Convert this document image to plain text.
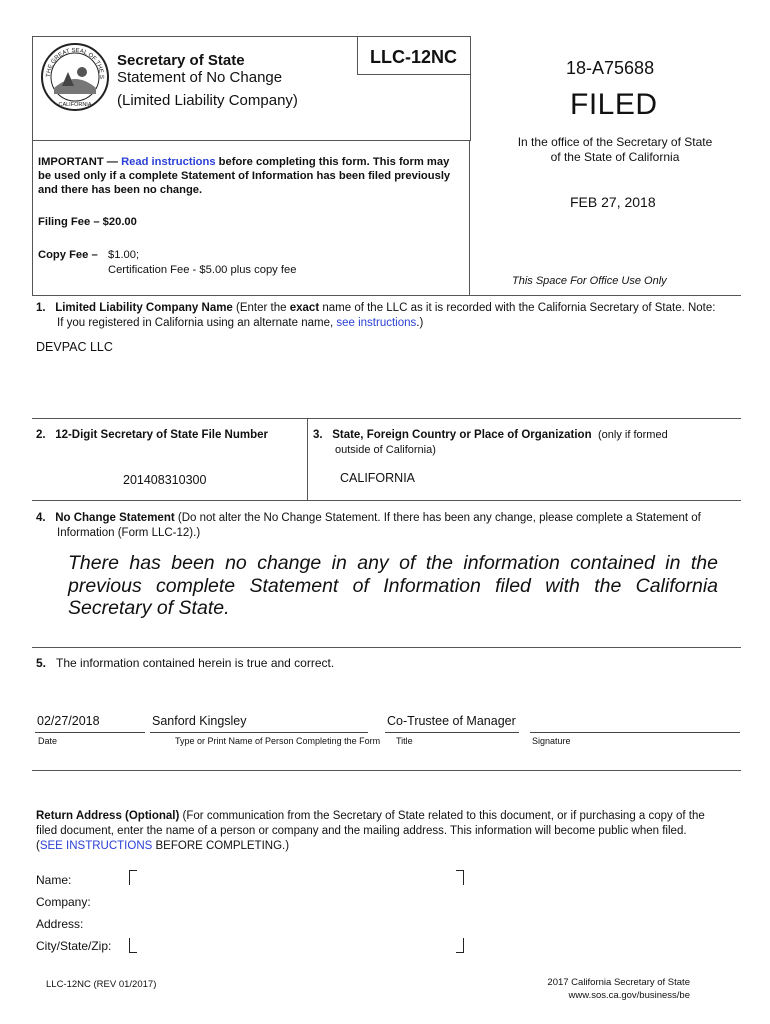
THE GREAT SEAL OF THE S
CALIFORNIA
Secretary of State
Statement of No Change
(Limited Liability Company)
LLC-12NC
IMPORTANT — Read instructions before completing this form. This form may
be used only if a complete Statement of Information has been filed previously
and there has been no change.
Filing Fee – $20.00
Copy Fee – $1.00;
Certification Fee - $5.00 plus copy fee
18-A75688
FILED
In the office of the Secretary of State
of the State of California
FEB 27, 2018
This Space For Office Use Only
1. Limited Liability Company Name (Enter the exact name of the LLC as it is recorded with the California Secretary of State. Note:
If you registered in California using an alternate name, see instructions.)
DEVPAC LLC
2. 12-Digit Secretary of State File Number
201408310300
3. State, Foreign Country or Place of Organization (only if formed
outside of California)
CALIFORNIA
4. No Change Statement (Do not alter the No Change Statement. If there has been any change, please complete a Statement of
Information (Form LLC-12).)
There has been no change in any of the information contained in the
previous complete Statement of Information filed with the California
Secretary of State.
5. The information contained herein is true and correct.
02/27/2018
Date
Sanford Kingsley
Type or Print Name of Person Completing the Form
Co-Trustee of Manager
Title	Signature
Return Address (Optional) (For communication from the Secretary of State related to this document, or if purchasing a copy of the
filed document, enter the name of a person or company and the mailing address. This information will become public when filed.
(SEE INSTRUCTIONS BEFORE COMPLETING.)
Name:
Company:
Address:
City/State/Zip:
LLC-12NC (REV 01/2017)	2017 California Secretary of State
www.sos.ca.gov/business/be
